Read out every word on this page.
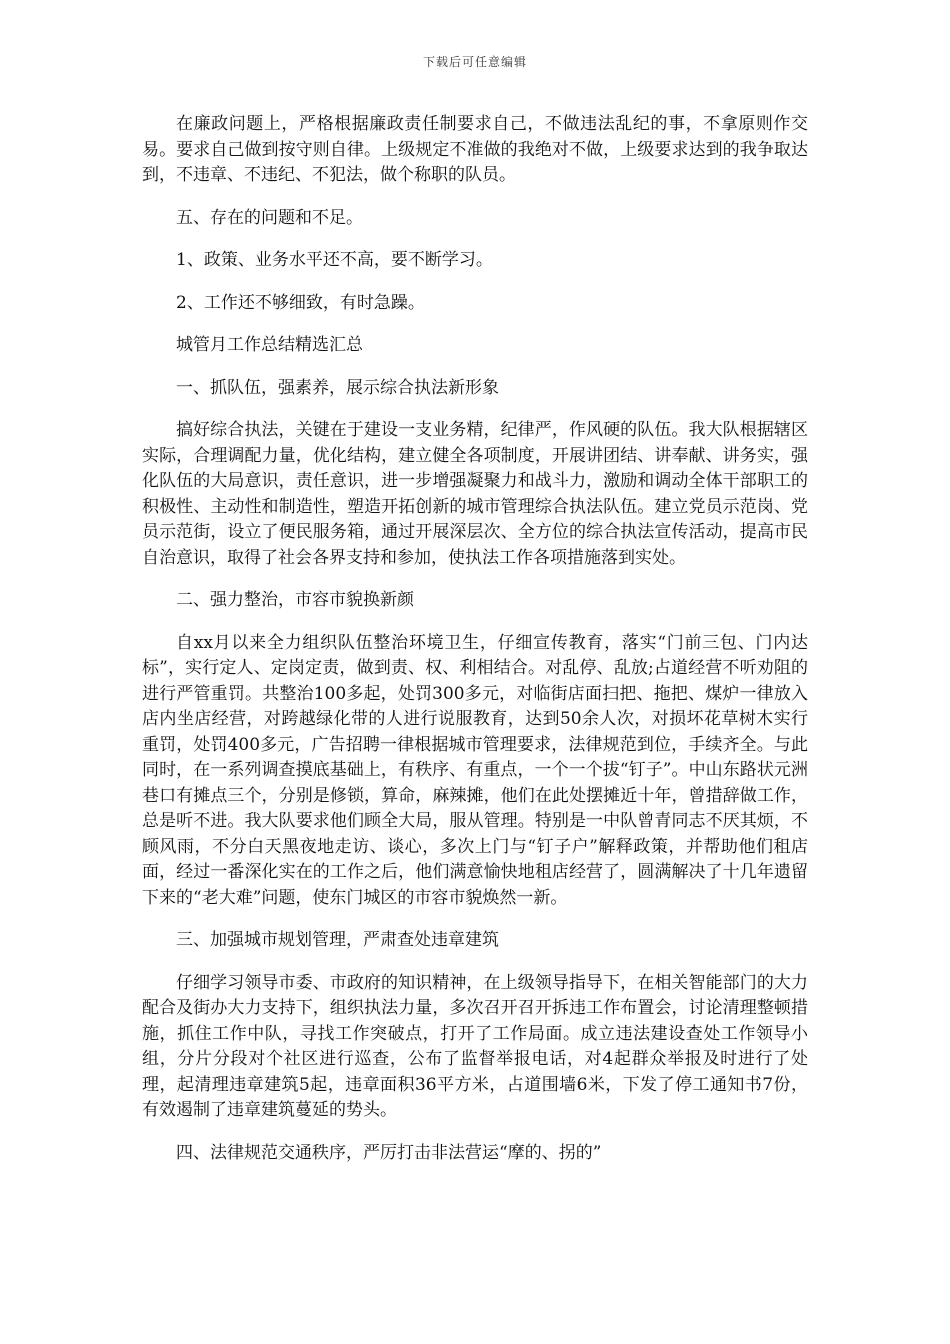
下载后可任意编辑

在廉政问题上，严格根据廉政责任制要求自己，不做违法乱纪的事，不拿原则作交易。要求自己做到按守则自律。上级规定不准做的我绝对不做，上级要求达到的我争取达到，不违章、不违纪、不犯法，做个称职的队员。

五、存在的问题和不足。

1、政策、业务水平还不高，要不断学习。

2、工作还不够细致，有时急躁。

城管月工作总结精选汇总

一、抓队伍，强素养，展示综合执法新形象

搞好综合执法，关键在于建设一支业务精，纪律严，作风硬的队伍。我大队根据辖区实际，合理调配力量，优化结构，建立健全各项制度，开展讲团结、讲奉献、讲务实，强化队伍的大局意识，责任意识，进一步增强凝聚力和战斗力，激励和调动全体干部职工的积极性、主动性和制造性，塑造开拓创新的城市管理综合执法队伍。建立党员示范岗、党员示范街，设立了便民服务箱，通过开展深层次、全方位的综合执法宣传活动，提高市民自治意识，取得了社会各界支持和参加，使执法工作各项措施落到实处。

二、强力整治，市容市貌换新颜

自xx月以来全力组织队伍整治环境卫生，仔细宣传教育，落实“门前三包、门内达标”，实行定人、定岗定责，做到责、权、利相结合。对乱停、乱放;占道经营不听劝阻的进行严管重罚。共整治100多起，处罚300多元，对临街店面扫把、拖把、煤炉一律放入店内坐店经营，对跨越绿化带的人进行说服教育，达到50余人次，对损坏花草树木实行重罚，处罚400多元，广告招聘一律根据城市管理要求，法律规范到位，手续齐全。与此同时，在一系列调查摸底基础上，有秩序、有重点，一个一个拔“钉子”。中山东路状元洲巷口有摊点三个，分别是修锁，算命，麻辣摊，他们在此处摆摊近十年，曾措辞做工作，总是听不进。我大队要求他们顾全大局，服从管理。特别是一中队曾青同志不厌其烦，不顾风雨，不分白天黑夜地走访、谈心，多次上门与“钉子户”解释政策，并帮助他们租店面，经过一番深化实在的工作之后，他们满意愉快地租店经营了，圆满解决了十几年遗留下来的“老大难”问题，使东门城区的市容市貌焕然一新。

三、加强城市规划管理，严肃查处违章建筑

仔细学习领导市委、市政府的知识精神，在上级领导指导下，在相关智能部门的大力配合及街办大力支持下，组织执法力量，多次召开召开拆违工作布置会，讨论清理整顿措施，抓住工作中队，寻找工作突破点，打开了工作局面。成立违法建设查处工作领导小组，分片分段对个社区进行巡查，公布了监督举报电话，对4起群众举报及时进行了处理，起清理违章建筑5起，违章面积36平方米，占道围墙6米，下发了停工通知书7份，有效遏制了违章建筑蔓延的势头。

四、法律规范交通秩序，严厉打击非法营运“摩的、拐的”
